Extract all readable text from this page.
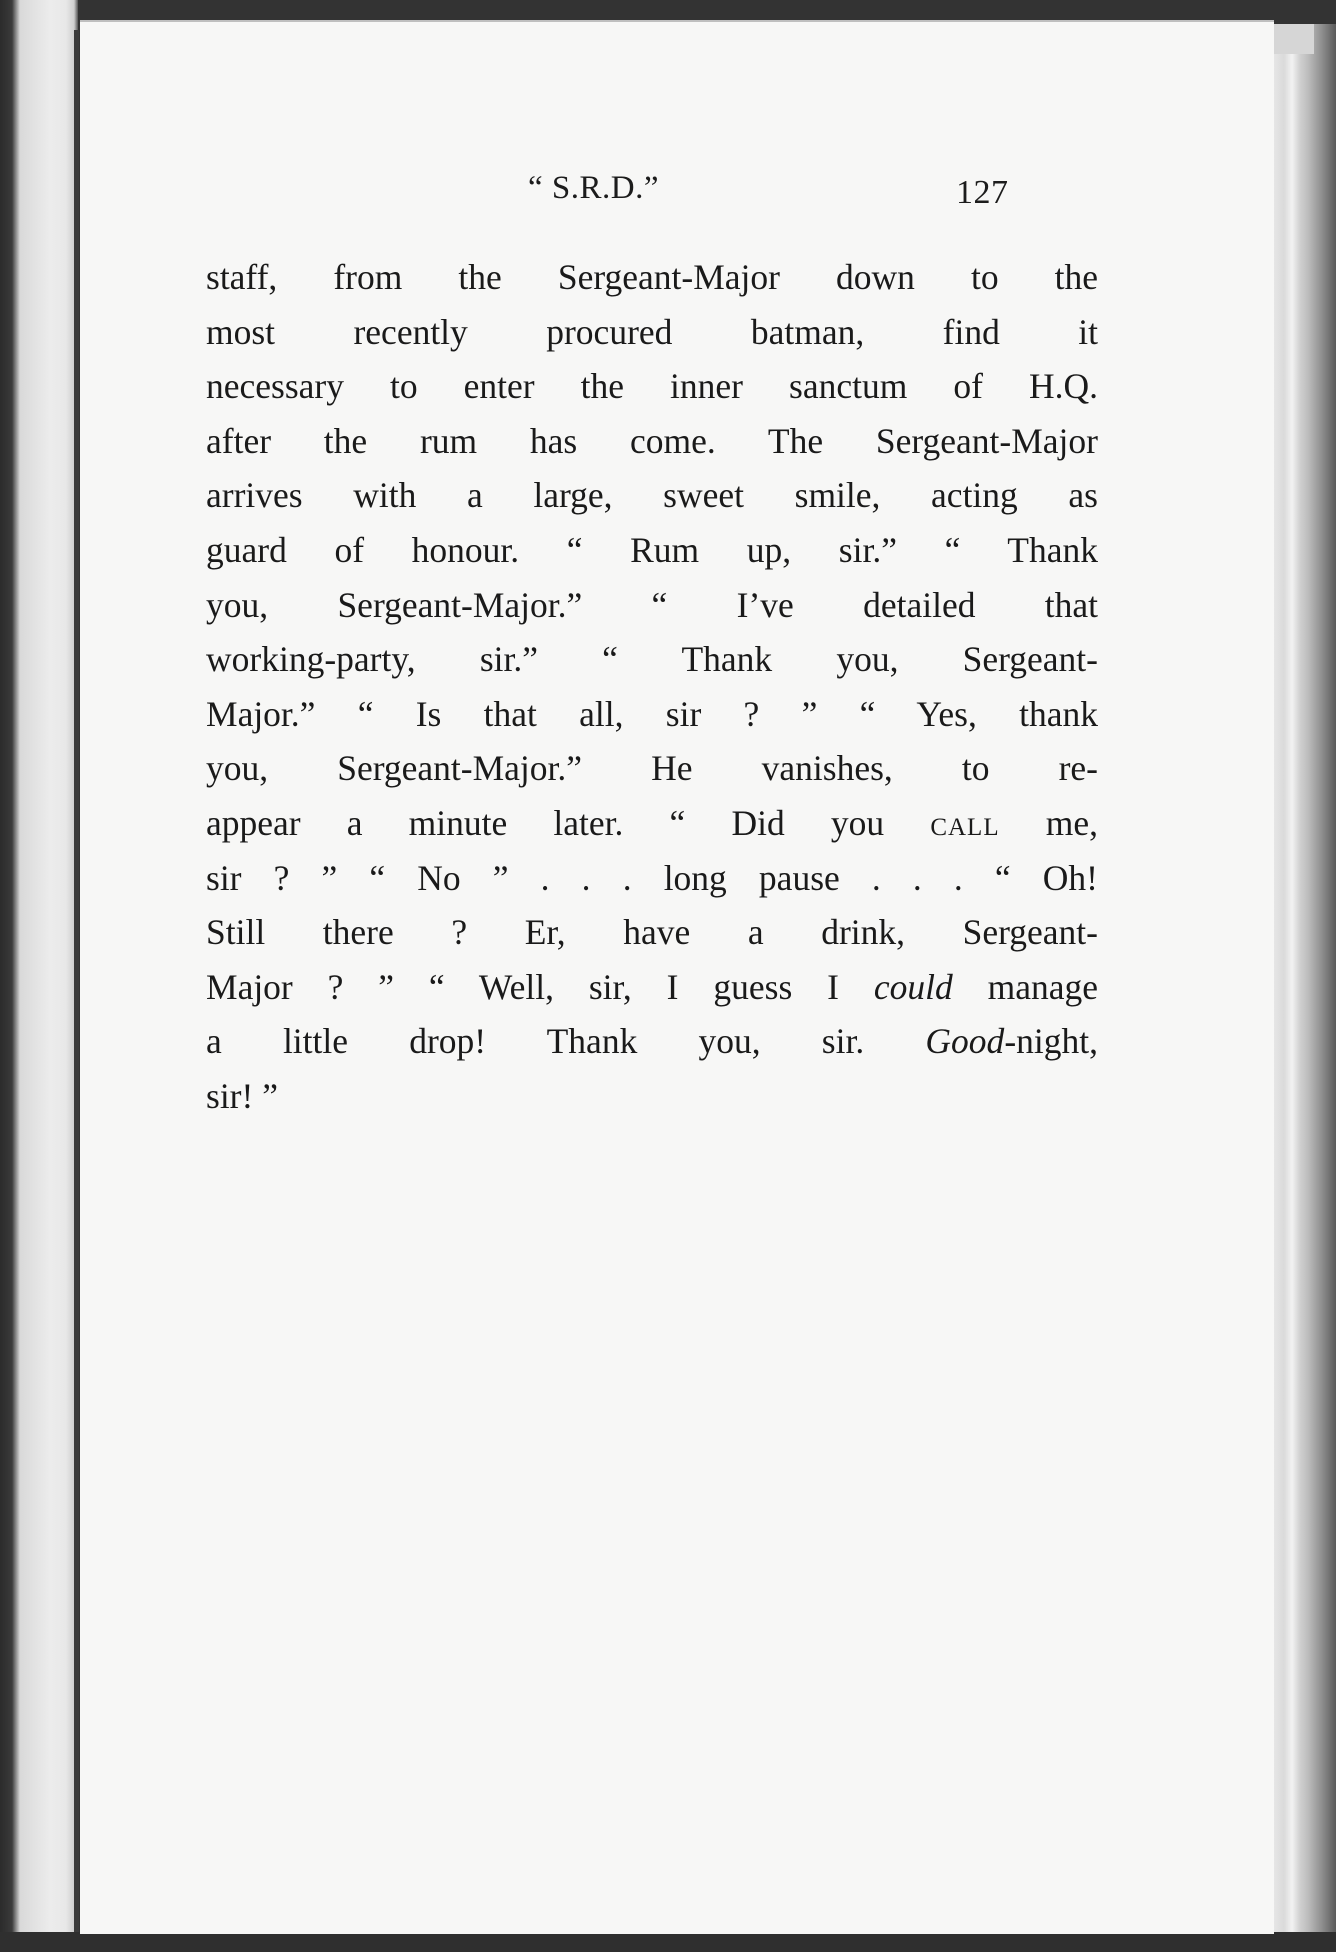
“ S.R.D.”	127
staff, from the Sergeant-Major down to the
most recently procured batman, find it
necessary to enter the inner sanctum of H.Q.
after the rum has come. The Sergeant-Major
arrives with a large, sweet smile, acting as
guard of honour. “ Rum up, sir.” “ Thank
you, Sergeant-Major.” “ I’ve detailed that
working-party, sir.” “ Thank you, Sergeant-
Major.” “ Is that all, sir ? ” “ Yes, thank
you, Sergeant-Major.” He vanishes, to re-
appear a minute later. “ Did you call me,
sir ? ” “ No ” . . . long pause . . . “ Oh!
Still there ? Er, have a drink, Sergeant-
Major ? ” “ Well, sir, I guess I could manage
a little drop! Thank you, sir. Good-night,
sir! ”
